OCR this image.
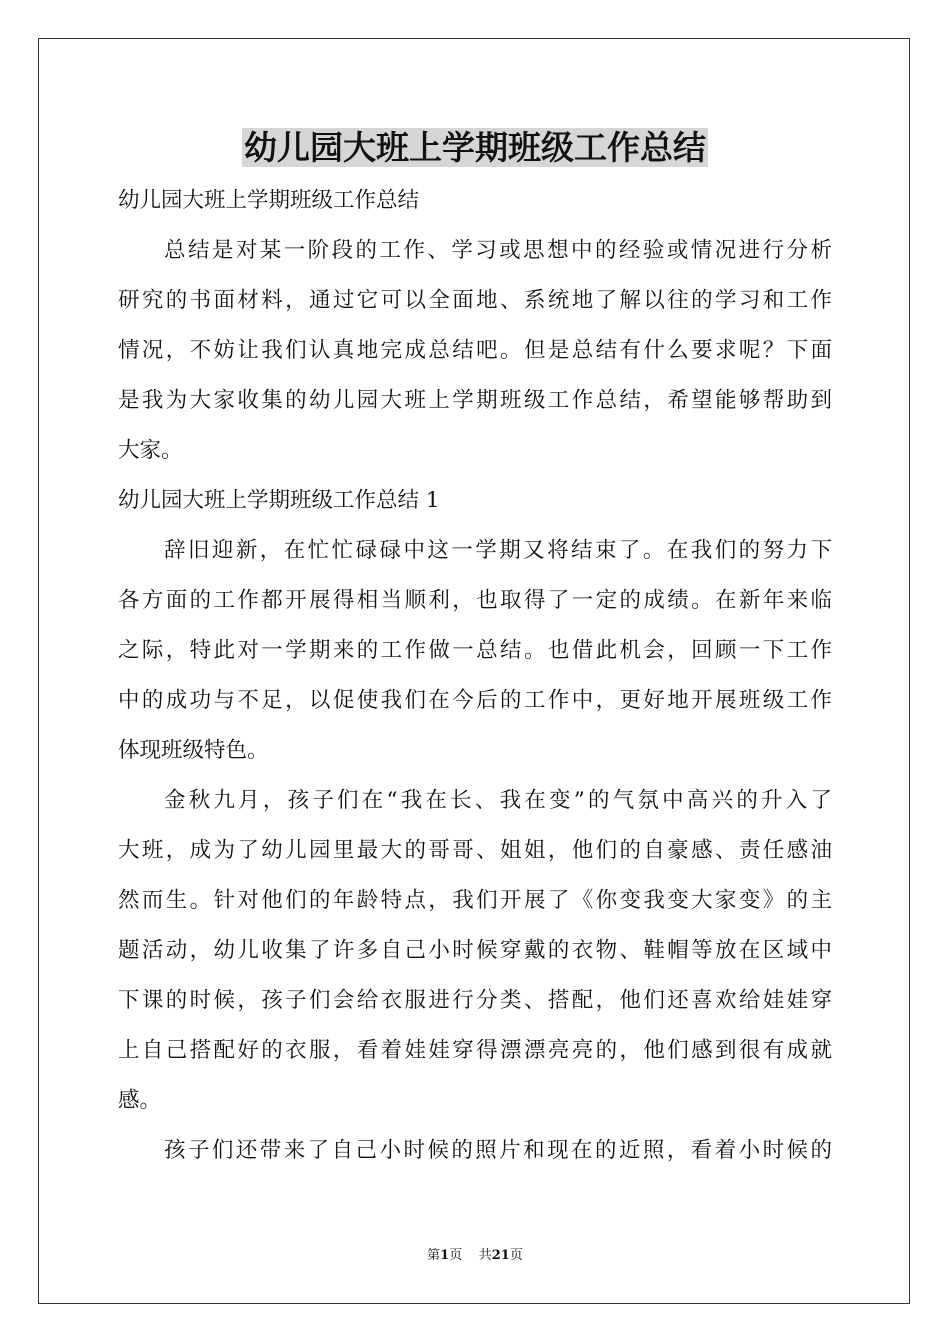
幼儿园大班上学期班级工作总结

幼儿园大班上学期班级工作总结

总结是对某一阶段的工作、学习或思想中的经验或情况进行分析

研究的书面材料，通过它可以全面地、系统地了解以往的学习和工作

情况，不妨让我们认真地完成总结吧。但是总结有什么要求呢？下面

是我为大家收集的幼儿园大班上学期班级工作总结，希望能够帮助到

大家。

幼儿园大班上学期班级工作总结 1

辞旧迎新，在忙忙碌碌中这一学期又将结束了。在我们的努力下

各方面的工作都开展得相当顺利，也取得了一定的成绩。在新年来临

之际，特此对一学期来的工作做一总结。也借此机会，回顾一下工作

中的成功与不足，以促使我们在今后的工作中，更好地开展班级工作

体现班级特色。

金秋九月，孩子们在“我在长、我在变”的气氛中高兴的升入了

大班，成为了幼儿园里最大的哥哥、姐姐，他们的自豪感、责任感油

然而生。针对他们的年龄特点，我们开展了《你变我变大家变》的主

题活动，幼儿收集了许多自己小时候穿戴的衣物、鞋帽等放在区域中

下课的时候，孩子们会给衣服进行分类、搭配，他们还喜欢给娃娃穿

上自己搭配好的衣服，看着娃娃穿得漂漂亮亮的，他们感到很有成就

感。

孩子们还带来了自己小时候的照片和现在的近照，看着小时候的

第1页 共21页
